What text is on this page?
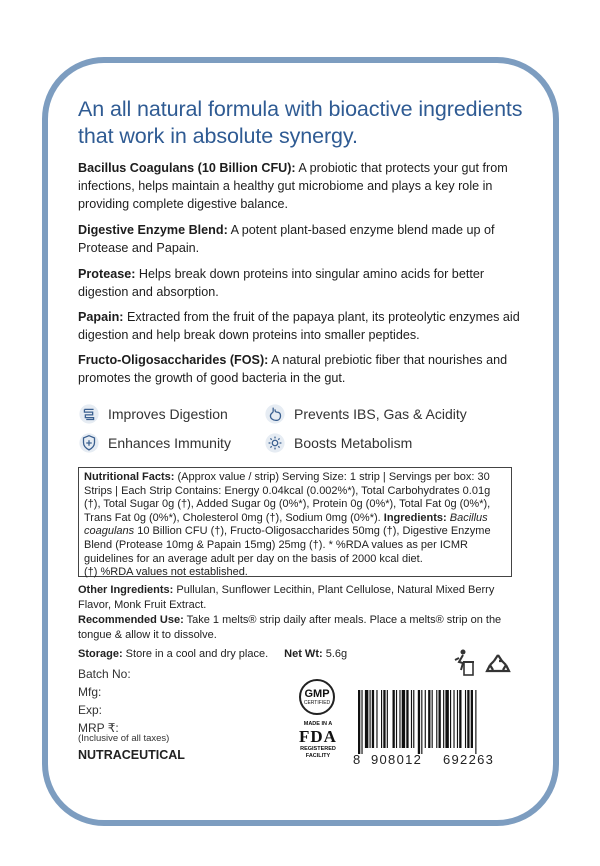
An all natural formula with bioactive ingredients that work in absolute synergy.

Bacillus Coagulans (10 Billion CFU): A probiotic that protects your gut from infections, helps maintain a healthy gut microbiome and plays a key role in providing complete digestive balance.

Digestive Enzyme Blend: A potent plant-based enzyme blend made up of Protease and Papain.

Protease: Helps break down proteins into singular amino acids for better digestion and absorption.

Papain: Extracted from the fruit of the papaya plant, its proteolytic enzymes aid digestion and help break down proteins into smaller peptides.

Fructo-Oligosaccharides (FOS): A natural prebiotic fiber that nourishes and promotes the growth of good bacteria in the gut.

Improves Digestion	Prevents IBS, Gas & Acidity
Enhances Immunity	Boosts Metabolism
Nutritional Facts: (Approx value / strip) Serving Size: 1 strip | Servings per box: 30 Strips | Each Strip Contains: Energy 0.04kcal (0.002%*), Total Carbohydrates 0.01g (†), Total Sugar 0g (†), Added Sugar 0g (0%*), Protein 0g (0%*), Total Fat 0g (0%*), Trans Fat 0g (0%*), Cholesterol 0mg (†), Sodium 0mg (0%*). Ingredients: Bacillus coagulans 10 Billion CFU (†), Fructo-Oligosaccharides 50mg (†), Digestive Enzyme Blend (Protease 10mg & Papain 15mg) 25mg (†). * %RDA values as per ICMR guidelines for an average adult per day on the basis of 2000 kcal diet.
(†) %RDA values not established.
Other Ingredients: Pullulan, Sunflower Lecithin, Plant Cellulose, Natural Mixed Berry Flavor, Monk Fruit Extract.
Recommended Use: Take 1 melts® strip daily after meals. Place a melts® strip on the tongue & allow it to dissolve.
Storage: Store in a cool and dry place. Net Wt: 5.6g
Batch No:
Mfg:
Exp:
MRP ₹:
(Inclusive of all taxes)
NUTRACEUTICAL
GMP
CERTIFIED
MADE IN A
FDA
REGISTERED
FACILITY	8 908012 692263
